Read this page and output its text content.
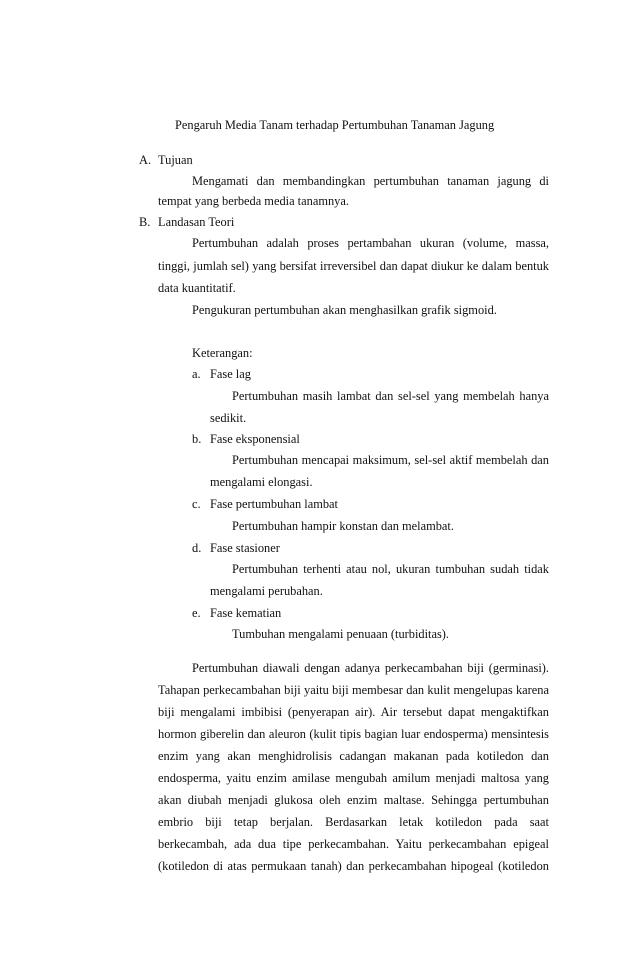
Pengaruh Media Tanam terhadap Pertumbuhan Tanaman Jagung
A. Tujuan
Mengamati dan membandingkan pertumbuhan tanaman jagung di
tempat yang berbeda media tanamnya.
B. Landasan Teori
Pertumbuhan adalah proses pertambahan ukuran (volume, massa,
tinggi, jumlah sel) yang bersifat irreversibel dan dapat diukur ke dalam bentuk
data kuantitatif.
Pengukuran pertumbuhan akan menghasilkan grafik sigmoid.
Keterangan:
a. Fase lag
Pertumbuhan masih lambat dan sel-sel yang membelah hanya
sedikit.
b. Fase eksponensial
Pertumbuhan mencapai maksimum, sel-sel aktif membelah dan
mengalami elongasi.
c. Fase pertumbuhan lambat
Pertumbuhan hampir konstan dan melambat.
d. Fase stasioner
Pertumbuhan terhenti atau nol, ukuran tumbuhan sudah tidak
mengalami perubahan.
e. Fase kematian
Tumbuhan mengalami penuaan (turbiditas).
Pertumbuhan diawali dengan adanya perkecambahan biji (germinasi).
Tahapan perkecambahan biji yaitu biji membesar dan kulit mengelupas karena
biji mengalami imbibisi (penyerapan air). Air tersebut dapat mengaktifkan
hormon giberelin dan aleuron (kulit tipis bagian luar endosperma) mensintesis
enzim yang akan menghidrolisis cadangan makanan pada kotiledon dan
endosperma, yaitu enzim amilase mengubah amilum menjadi maltosa yang
akan diubah menjadi glukosa oleh enzim maltase. Sehingga pertumbuhan
embrio biji tetap berjalan. Berdasarkan letak kotiledon pada saat
berkecambah, ada dua tipe perkecambahan. Yaitu perkecambahan epigeal
(kotiledon di atas permukaan tanah) dan perkecambahan hipogeal (kotiledon
